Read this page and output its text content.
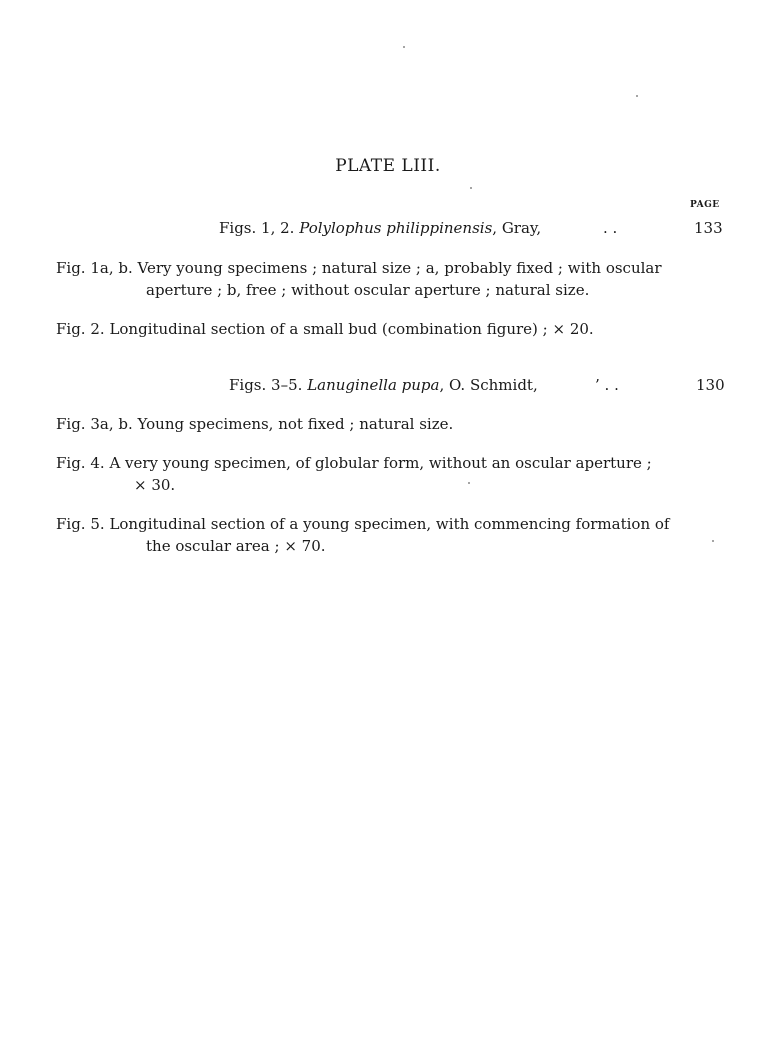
PLATE LIII.
PAGE
Figs. 1, 2. Polylophus philippinensis, Gray,	. .	133
Fig. 1a, b. Very young specimens ; natural size ; a, probably fixed ; with oscular
aperture ; b, free ; without oscular aperture ; natural size.
Fig. 2. Longitudinal section of a small bud (combination figure) ; × 20.
Figs. 3–5. Lanuginella pupa, O. Schmidt,	’ . .	130
Fig. 3a, b. Young specimens, not fixed ; natural size.
Fig. 4. A very young specimen, of globular form, without an oscular aperture ;
× 30.
Fig. 5. Longitudinal section of a young specimen, with commencing formation of
the oscular area ; × 70.
